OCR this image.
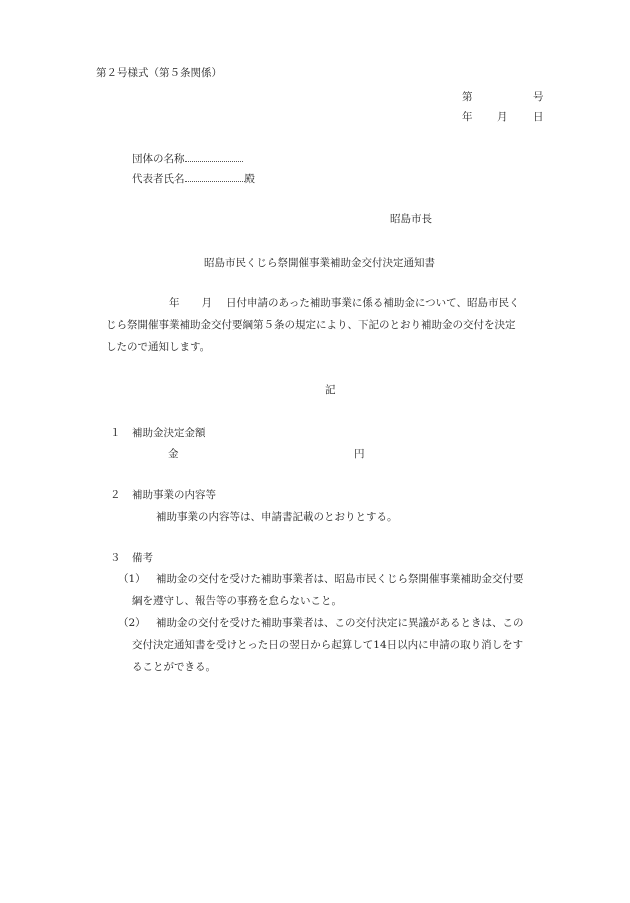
第２号様式（第５条関係）
第	号
年 月 日
団体の名称
代表者氏名	殿
昭島市長
昭島市民くじら祭開催事業補助金交付決定通知書
年 月 日付申請のあった補助事業に係る補助金について、昭島市民く
じら祭開催事業補助金交付要綱第５条の規定により、下記のとおり補助金の交付を決定
したので通知します。
記
１ 補助金決定金額
金	円
２ 補助事業の内容等
補助事業の内容等は、申請書記載のとおりとする。
３ 備考
（1） 補助金の交付を受けた補助事業者は、昭島市民くじら祭開催事業補助金交付要
綱を遵守し、報告等の事務を怠らないこと。
（2） 補助金の交付を受けた補助事業者は、この交付決定に異議があるときは、この
交付決定通知書を受けとった日の翌日から起算して14日以内に申請の取り消しをす
ることができる。
